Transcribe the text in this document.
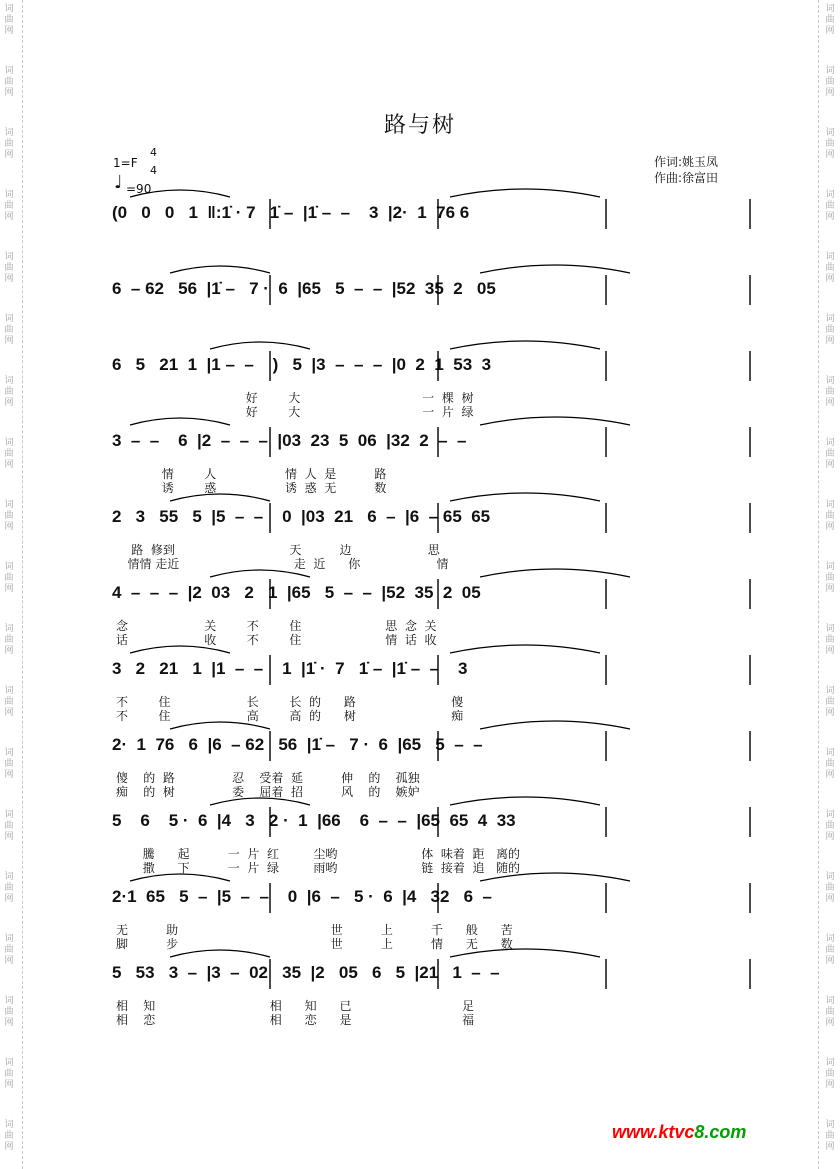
词
曲
网
词
曲
网
词
曲
网
词
曲
网
词
曲
网
词
曲
网
词
曲
网
词
曲
网
词
曲
网
词
曲
网
词
曲
网
词
曲
网
词
曲
网
词
曲
网
词
曲
网
词
曲
网
词
曲
网
词
曲
网
词
曲
网
词
曲
网
词
曲
网
词
曲
网
词
曲
网
词
曲
网
词
曲
网
词
曲
网
词
曲
网
词
曲
网
词
曲
网
词
曲
网
词
曲
网
词
曲
网
词
曲
网
词
曲
网
词
曲
网
词
曲
网
词
曲
网
词
曲
网
路与树
1=F
4
4
♩ =90
作词:姚玉凤
作曲:徐富田
(0   0   0   1  ‖:1̇ · 7   1̇ –  |1̇ –  –    3  |2·  1  76 6
6  – 62   56  |1̇ –   7 ·  6  |65   5  –  –  |52  35  2   05
6   5   21  1  |1 –  –    )   5  |3  –  –  –  |0  2  1  53  3
好        大                                一  棵  树
好        大                                一  片  绿
3  –  –    6  |2  –  –  –  |03  23  5  06  |32  2  –  –
情        人                  情  人  是          路
诱        惑                  诱  惑  无          数
2   3   55   5  |5  –  –    0  |03  21   6  –  |6  – 65  65
路  修到                              天          边                    思
情情 走近                              走  近      你                    情
4  –  –  –  |2  03   2   1  |65   5  –  –  |52  35  2  05
念                    关        不        住                      思  念  关
话                    收        不        住                      情  话  收
3   2   21   1  |1  –  –    1  |1̇ ·  7   1̇ –  |1̇ –  –    3
不        住                    长        长  的      路                         傻
不        住                    高        高  的      树                         痴
2·  1  76   6  |6  – 62   56  |1̇ –   7 ·  6  |65   5  –  –
傻    的  路               忍    受着  延          伸    的    孤独
痴    的  树               委    屈着  招          风    的    嫉妒
5    6    5 ·  6  |4   3   2 ·  1  |66    6  –  –  |65  65  4  33
騰      起          一  片  红         尘哟                      体  味着  距   离的
撒      下          一  片  绿         雨哟                      链  接着  追   随的
2·1  65   5  –  |5  –  –    0  |6  –   5 ·  6  |4   32   6  –
无          助                                        世          上          千      般      苦
脚          步                                        世          上          情      无      数
5   53   3  –  |3  –  02   35  |2   05   6   5  |21   1  –  –
相    知                              相      知      已                             足
相    恋                              相      恋      是                             福
www.ktvc8.com
